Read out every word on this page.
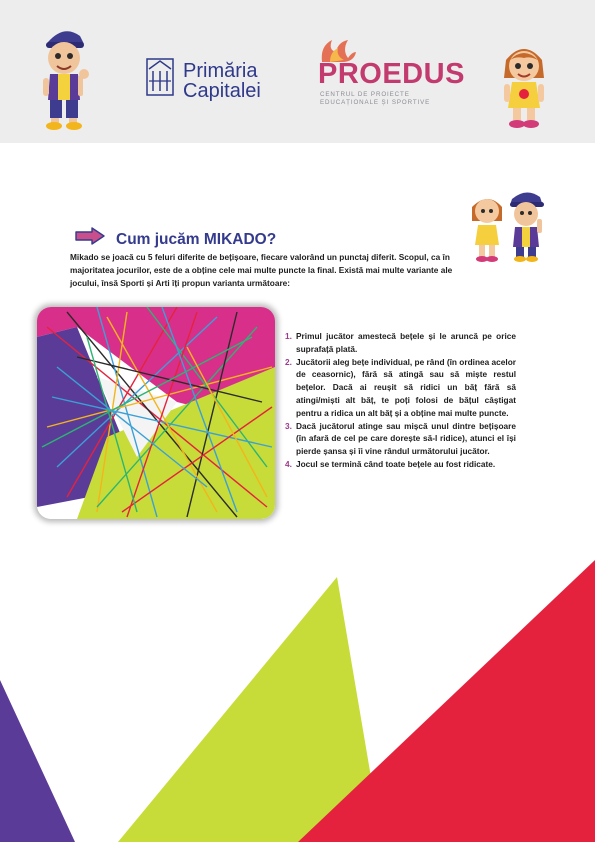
Primăria
Capitalei
PROEDUS
CENTRUL DE PROIECTE EDUCAȚIONALE ȘI SPORTIVE
Cum jucăm MIKADO?
Mikado se joacă cu 5 feluri diferite de bețișoare, fiecare valorând un punctaj diferit. Scopul, ca în majoritatea jocurilor, este de a obține cele mai multe puncte la final. Există mai multe variante ale jocului, însă Sporti și Arti îți propun varianta următoare:
1. Primul jucător amestecă bețele și le aruncă pe orice suprafață plată.
2. Jucătorii aleg bețe individual, pe rând (în ordinea acelor de ceasornic), fără să atingă sau să miște restul bețelor. Dacă ai reușit să ridici un băț fără să atingi/miști alt băț, te poți folosi de bățul câștigat pentru a ridica un alt băț și a obține mai multe puncte.
3. Dacă jucătorul atinge sau mișcă unul dintre bețișoare (în afară de cel pe care dorește să-l ridice), atunci el își pierde șansa și îi vine rândul următorului jucător.
4. Jocul se termină când toate bețele au fost ridicate.
